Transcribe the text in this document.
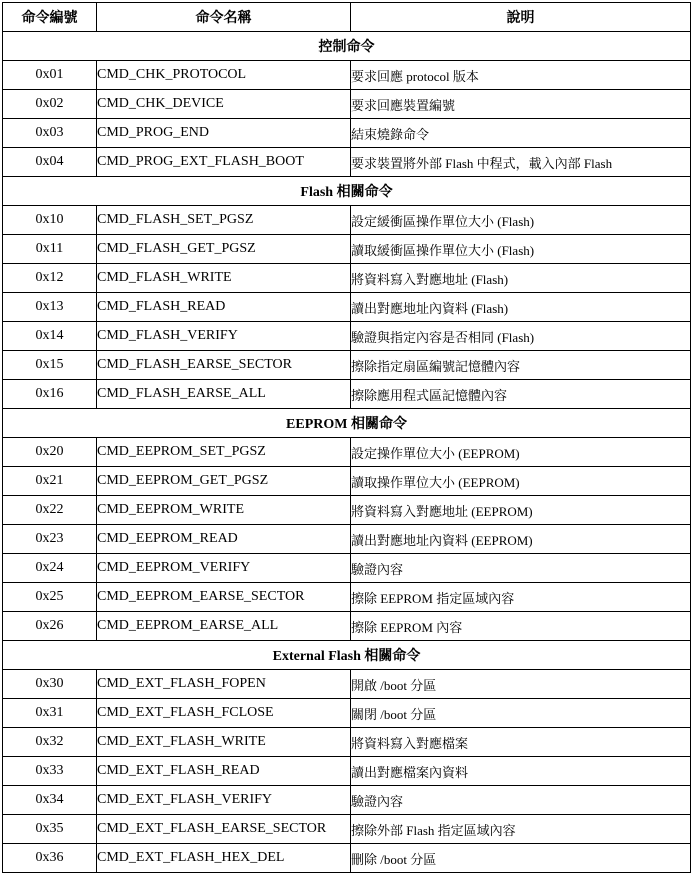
命令編號	命令名稱	說明
控制命令		
0x01	CMD_CHK_PROTOCOL	要求回應 protocol 版本
0x02	CMD_CHK_DEVICE	要求回應裝置編號
0x03	CMD_PROG_END	結束燒錄命令
0x04	CMD_PROG_EXT_FLASH_BOOT	要求裝置將外部 Flash 中程式，載入內部 Flash
Flash 相關命令		
0x10	CMD_FLASH_SET_PGSZ	設定緩衝區操作單位大小 (Flash)
0x11	CMD_FLASH_GET_PGSZ	讀取緩衝區操作單位大小 (Flash)
0x12	CMD_FLASH_WRITE	將資料寫入對應地址 (Flash)
0x13	CMD_FLASH_READ	讀出對應地址內資料 (Flash)
0x14	CMD_FLASH_VERIFY	驗證與指定內容是否相同 (Flash)
0x15	CMD_FLASH_EARSE_SECTOR	擦除指定扇區編號記憶體內容
0x16	CMD_FLASH_EARSE_ALL	擦除應用程式區記憶體內容
EEPROM 相關命令		
0x20	CMD_EEPROM_SET_PGSZ	設定操作單位大小 (EEPROM)
0x21	CMD_EEPROM_GET_PGSZ	讀取操作單位大小 (EEPROM)
0x22	CMD_EEPROM_WRITE	將資料寫入對應地址 (EEPROM)
0x23	CMD_EEPROM_READ	讀出對應地址內資料 (EEPROM)
0x24	CMD_EEPROM_VERIFY	驗證內容
0x25	CMD_EEPROM_EARSE_SECTOR	擦除 EEPROM 指定區域內容
0x26	CMD_EEPROM_EARSE_ALL	擦除 EEPROM 內容
External Flash 相關命令		
0x30	CMD_EXT_FLASH_FOPEN	開啟 /boot 分區
0x31	CMD_EXT_FLASH_FCLOSE	關閉 /boot 分區
0x32	CMD_EXT_FLASH_WRITE	將資料寫入對應檔案
0x33	CMD_EXT_FLASH_READ	讀出對應檔案內資料
0x34	CMD_EXT_FLASH_VERIFY	驗證內容
0x35	CMD_EXT_FLASH_EARSE_SECTOR	擦除外部 Flash 指定區域內容
0x36	CMD_EXT_FLASH_HEX_DEL	刪除 /boot 分區
